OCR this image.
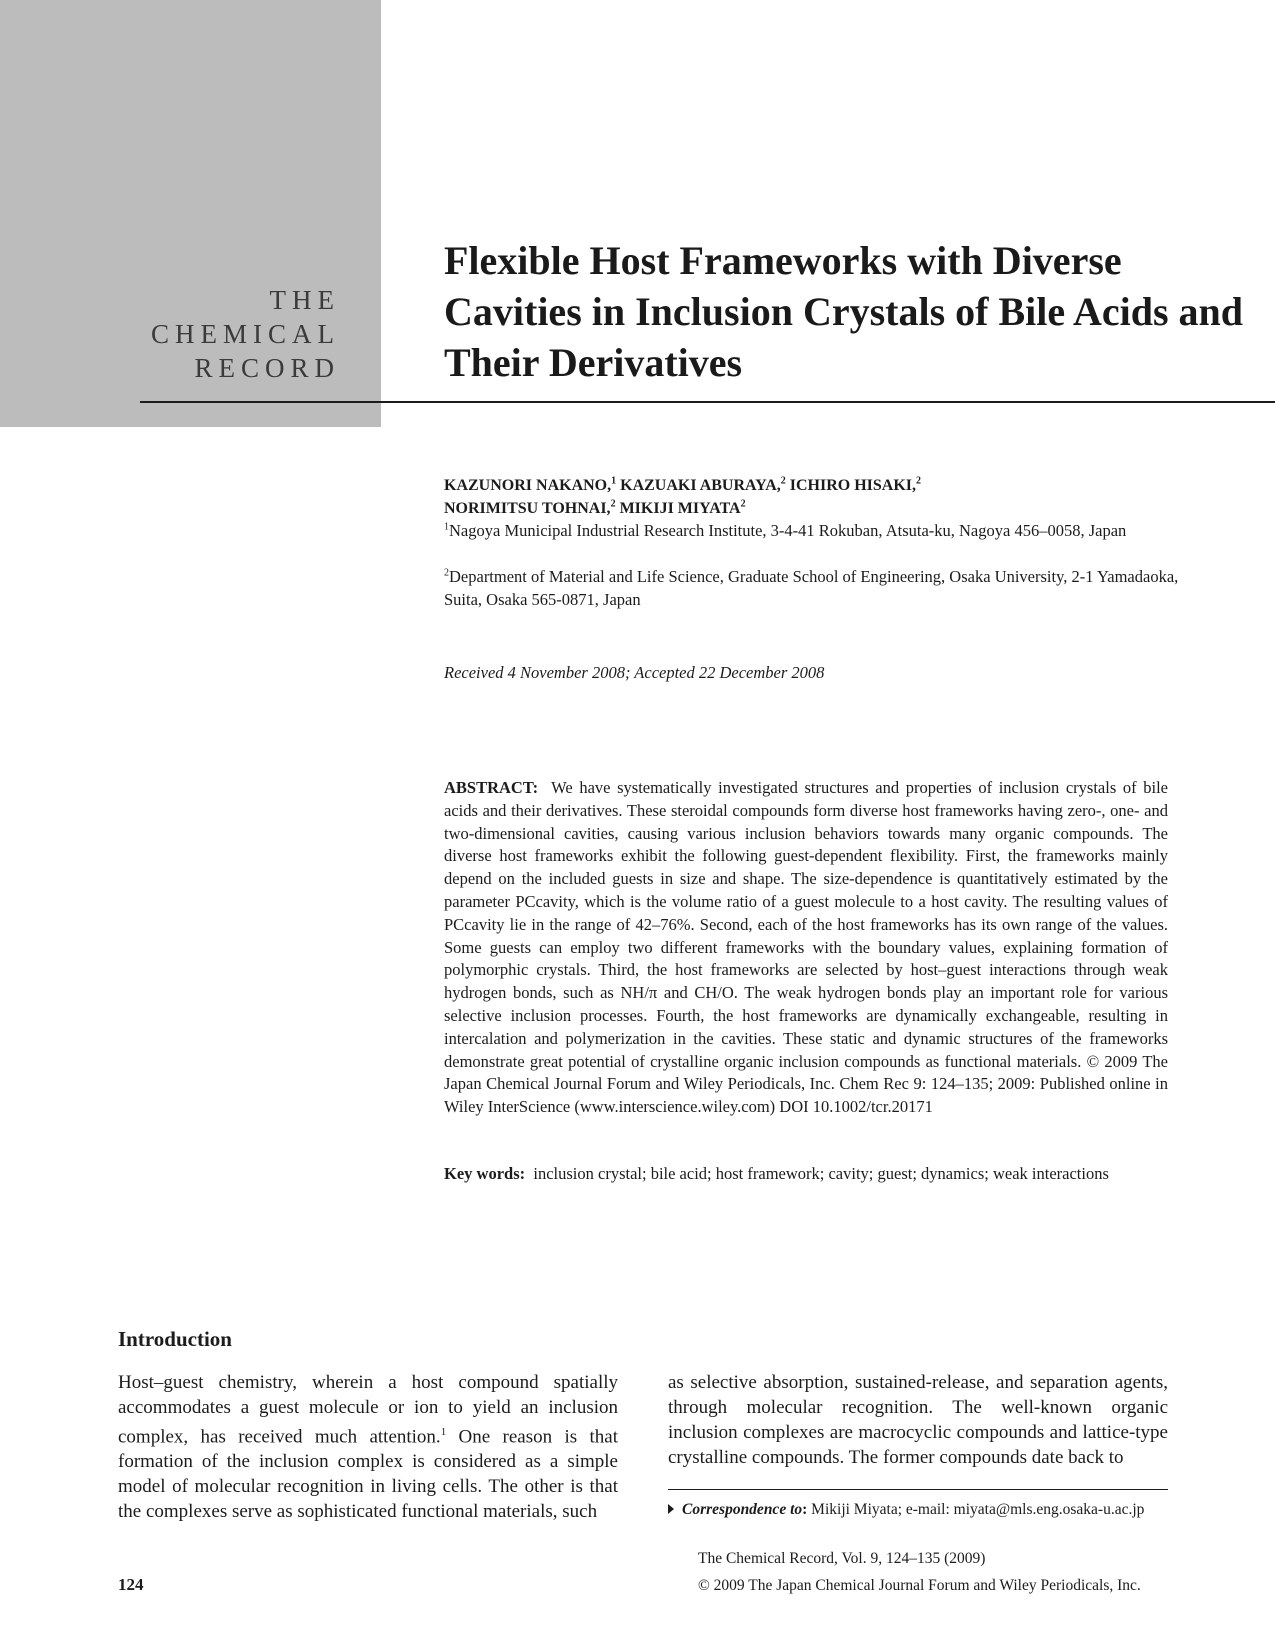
THE
CHEMICAL
RECORD
Flexible Host Frameworks with Diverse Cavities in Inclusion Crystals of Bile Acids and Their Derivatives

KAZUNORI NAKANO,$^1$ KAZUAKI ABURAYA,$^2$ ICHIRO HISAKI,$^2$
NORIMITSU TOHNAI,$^2$ MIKIJI MIYATA$^2$

$^1$Nagoya Municipal Industrial Research Institute, 3-4-41 Rokuban, Atsuta-ku, Nagoya 456–0058, Japan

$^2$Department of Material and Life Science, Graduate School of Engineering, Osaka University, 2-1 Yamadaoka, Suita, Osaka 565-0871, Japan

Received 4 November 2008; Accepted 22 December 2008

ABSTRACT: We have systematically investigated structures and properties of inclusion crystals of bile acids and their derivatives. These steroidal compounds form diverse host frameworks having zero-, one- and two-dimensional cavities, causing various inclusion behaviors towards many organic compounds. The diverse host frameworks exhibit the following guest-dependent flexibility. First, the frameworks mainly depend on the included guests in size and shape. The size-dependence is quantitatively estimated by the parameter PCcavity, which is the volume ratio of a guest molecule to a host cavity. The resulting values of PCcavity lie in the range of 42–76%. Second, each of the host frameworks has its own range of the values. Some guests can employ two different frameworks with the boundary values, explaining formation of polymorphic crystals. Third, the host frameworks are selected by host–guest interactions through weak hydrogen bonds, such as NH/π and CH/O. The weak hydrogen bonds play an important role for various selective inclusion processes. Fourth, the host frameworks are dynamically exchangeable, resulting in intercalation and polymerization in the cavities. These static and dynamic structures of the frameworks demonstrate great potential of crystalline organic inclusion compounds as functional materials. © 2009 The Japan Chemical Journal Forum and Wiley Periodicals, Inc. Chem Rec 9: 124–135; 2009: Published online in Wiley InterScience (www.interscience.wiley.com) DOI 10.1002/tcr.20171

Key words: inclusion crystal; bile acid; host framework; cavity; guest; dynamics; weak interactions

Introduction

Host–guest chemistry, wherein a host compound spatially accommodates a guest molecule or ion to yield an inclusion complex, has received much attention.$^1$ One reason is that formation of the inclusion complex is considered as a simple model of molecular recognition in living cells. The other is that the complexes serve as sophisticated functional materials, such

as selective absorption, sustained-release, and separation agents, through molecular recognition. The well-known organic inclusion complexes are macrocyclic compounds and lattice-type crystalline compounds. The former compounds date back to

Correspondence to: Mikiji Miyata; e-mail: miyata@mls.eng.osaka-u.ac.jp

The Chemical Record, Vol. 9, 124–135 (2009)

© 2009 The Japan Chemical Journal Forum and Wiley Periodicals, Inc.

124
